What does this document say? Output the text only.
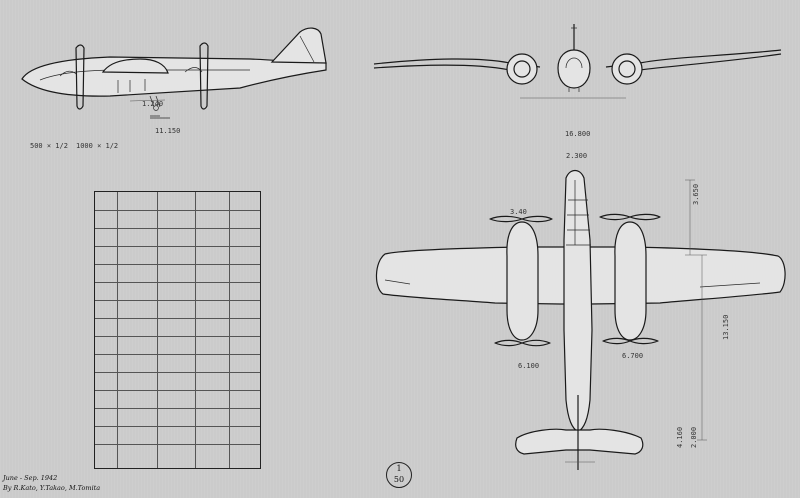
1.240
11.150
500 × 1/2 1000 × 1/2
16.800
2.300
3.40
3.650
13.150
6.100
6.700
4.160 2.000
June - Sep. 1942
By R.Kato, Y.Takao, M.Tomita
1
50
